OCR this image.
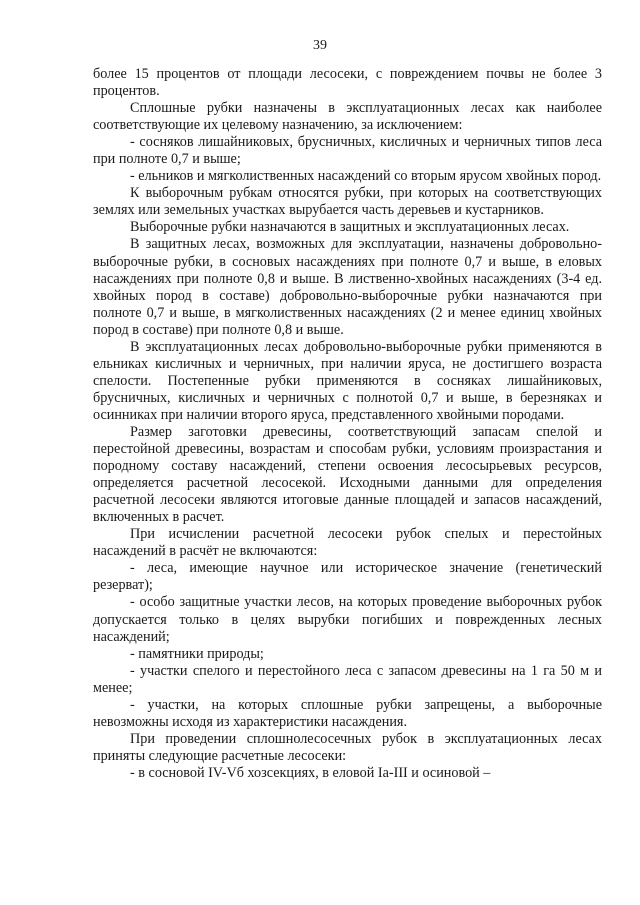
39

более 15 процентов от площади лесосеки, с повреждением почвы не более 3 процентов.

Сплошные рубки назначены в эксплуатационных лесах как наиболее соответствующие их целевому назначению, за исключением:

- сосняков лишайниковых, брусничных, кисличных и черничных типов леса при полноте 0,7 и выше;

- ельников и мягколиственных насаждений со вторым ярусом хвойных пород.

К выборочным рубкам относятся рубки, при которых на соответствующих землях или земельных участках вырубается часть деревьев и кустарников.

Выборочные рубки назначаются в защитных и эксплуатационных лесах.

В защитных лесах, возможных для эксплуатации, назначены добровольно-выборочные рубки, в сосновых насаждениях при полноте 0,7 и выше, в еловых насаждениях при полноте 0,8 и выше. В лиственно-хвойных насаждениях (3-4 ед. хвойных пород в составе) добровольно-выборочные рубки назначаются при полноте 0,7 и выше, в мягколиственных насаждениях (2 и менее единиц хвойных пород в составе) при полноте 0,8 и выше.

В эксплуатационных лесах добровольно-выборочные рубки применяются в ельниках кисличных и черничных, при наличии яруса, не достигшего возраста спелости. Постепенные рубки применяются в сосняках лишайниковых, брусничных, кисличных и черничных с полнотой 0,7 и выше, в березняках и осинниках при наличии второго яруса, представленного хвойными породами.

Размер заготовки древесины, соответствующий запасам спелой и перестойной древесины, возрастам и способам рубки, условиям произрастания и породному составу насаждений, степени освоения лесосырьевых ресурсов, определяется расчетной лесосекой. Исходными данными для определения расчетной лесосеки являются итоговые данные площадей и запасов насаждений, включенных в расчет.

При исчислении расчетной лесосеки рубок спелых и перестойных насаждений в расчёт не включаются:

- леса, имеющие научное или историческое значение (генетический резерват);

- особо защитные участки лесов, на которых проведение выборочных рубок допускается только в целях вырубки погибших и поврежденных лесных насаждений;

- памятники природы;

- участки спелого и перестойного леса с запасом древесины на 1 га 50 м и менее;

- участки, на которых сплошные рубки запрещены, а выборочные невозможны исходя из характеристики насаждения.

При проведении сплошнолесосечных рубок в эксплуатационных лесах приняты следующие расчетные лесосеки:

- в сосновой IV-Vб хозсекциях, в еловой Iа-III и осиновой –
